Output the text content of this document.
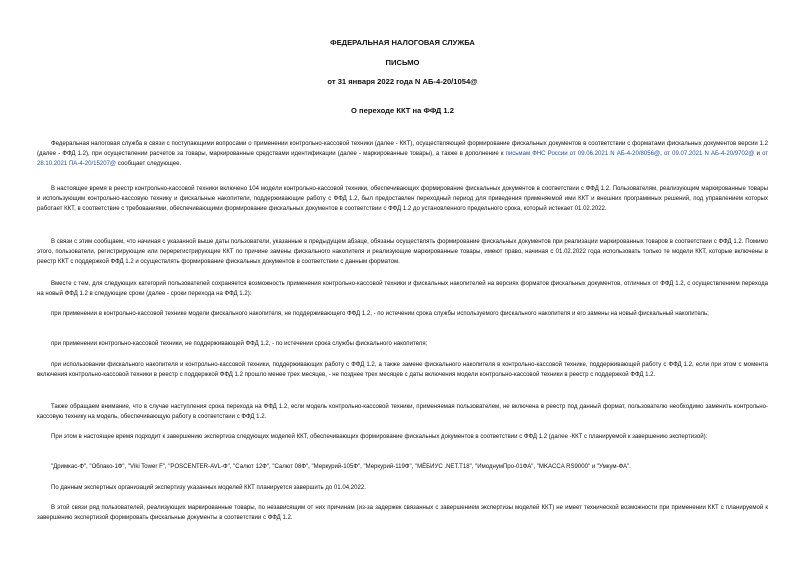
ФЕДЕРАЛЬНАЯ НАЛОГОВАЯ СЛУЖБА
ПИСЬМО
от 31 января 2022 года N АБ-4-20/1054@
О переходе ККТ на ФФД 1.2

Федеральная налоговая служба в связи с поступающими вопросами о применении контрольно-кассовой техники (далее - ККТ), осуществляющей формирование фискальных документов в соответствии с форматами фискальных документов версии 1.2 (далее - ФФД 1.2), при осуществлении расчетов за товары, маркированные средствами идентификации (далее - маркированные товары), а также в дополнение к письмам ФНС России от 09.06.2021 N АБ-4-20/8056@, от 09.07.2021 N АБ-4-20/9702@ и от 28.10.2021 ПА-4-20/15207@ сообщает следующее.

В настоящее время в реестр контрольно-кассовой техники включено 104 модели контрольно-кассовой техники, обеспечивающих формирование фискальных документов в соответствии с ФФД 1.2. Пользователям, реализующим маркированные товары и использующим контрольно-кассовую технику и фискальные накопители, поддерживающие работу с ФФД 1.2, был предоставлен переходный период для приведения применяемой ими ККТ и внешних программных решений, под управлением которых работает ККТ, в соответствие с требованиями, обеспечивающими формирование фискальных документов в соответствии с ФФД 1.2 до установленного предельного срока, который истекает 01.02.2022.

В связи с этим сообщаем, что начиная с указанной выше даты пользователи, указанные в предыдущем абзаце, обязаны осуществлять формирование фискальных документов при реализации маркированных товаров в соответствии с ФФД 1.2. Помимо этого, пользователи, регистрирующие или перерегистрирующие ККТ по причине замены фискального накопителя и реализующие маркированные товары, имеют право, начиная с 01.02.2022 года использовать только те модели ККТ, которые включены в реестр ККТ с поддержкой ФФД 1.2 и осуществлять формирование фискальных документов в соответствии с данным форматом.

Вместе с тем, для следующих категорий пользователей сохраняется возможность применения контрольно-кассовой техники и фискальных накопителей на версиях форматов фискальных документов, отличных от ФФД 1.2, с осуществлением перехода на новый ФФД 1.2 в следующие сроки (далее - сроки перехода на ФФД 1.2):

при применении в контрольно-кассовой технике модели фискального накопителя, не поддерживающего ФФД 1.2, - по истечении срока службы используемого фискального накопителя и его замены на новый фискальный накопитель;

при применении контрольно-кассовой техники, не поддерживающей ФФД 1.2, - по истечении срока службы фискального накопителя;

при использовании фискального накопителя и контрольно-кассовой техники, поддерживающих работу с ФФД 1.2, а также замене фискального накопителя в контрольно-кассовой технике, поддерживающей работу с ФФД 1.2, если при этом с момента включения контрольно-кассовой техники в реестр с поддержкой ФФД 1.2 прошло менее трех месяцев, - не позднее трех месяцев с даты включения модели контрольно-кассовой техники в реестр с поддержкой ФФД 1.2.

Также обращаем внимание, что в случае наступления срока перехода на ФФД 1.2, если модель контрольно-кассовой техники, применяемая пользователем, не включена в реестр под данный формат, пользователю необходимо заменить контрольно-кассовую технику на модель, обеспечивающую работу в соответствии с ФФД 1.2.

При этом в настоящее время подходит к завершению экспертиза следующих моделей ККТ, обеспечивающих формирование фискальных документов в соответствии с ФФД 1.2 (далее -ККТ с планируемой к завершению экспертизой):

"Дримкас-Ф", "Облако-1Ф", "Viki Tower F", "POSCENTER-AVL-Ф", "Салют 12Ф", "Салют 08Ф", "Меркурий-105Ф", "Меркурий-119Ф", "МЁБИУС .NET.Т18", "ИмоднумПро-01ФА", "MKACCA RS9000" и "Умкум-ФА".

По данным экспертных организаций экспертизу указанных моделей ККТ планируется завершить до 01.04.2022.

В этой связи ряд пользователей, реализующих маркированные товары, по независящим от них причинам (из-за задержек связанных с завершением экспертизы моделей ККТ) не имеет технической возможности при применении ККТ с планируемой к завершению экспертизой формировать фискальные документы в соответствии с ФФД 1.2.
